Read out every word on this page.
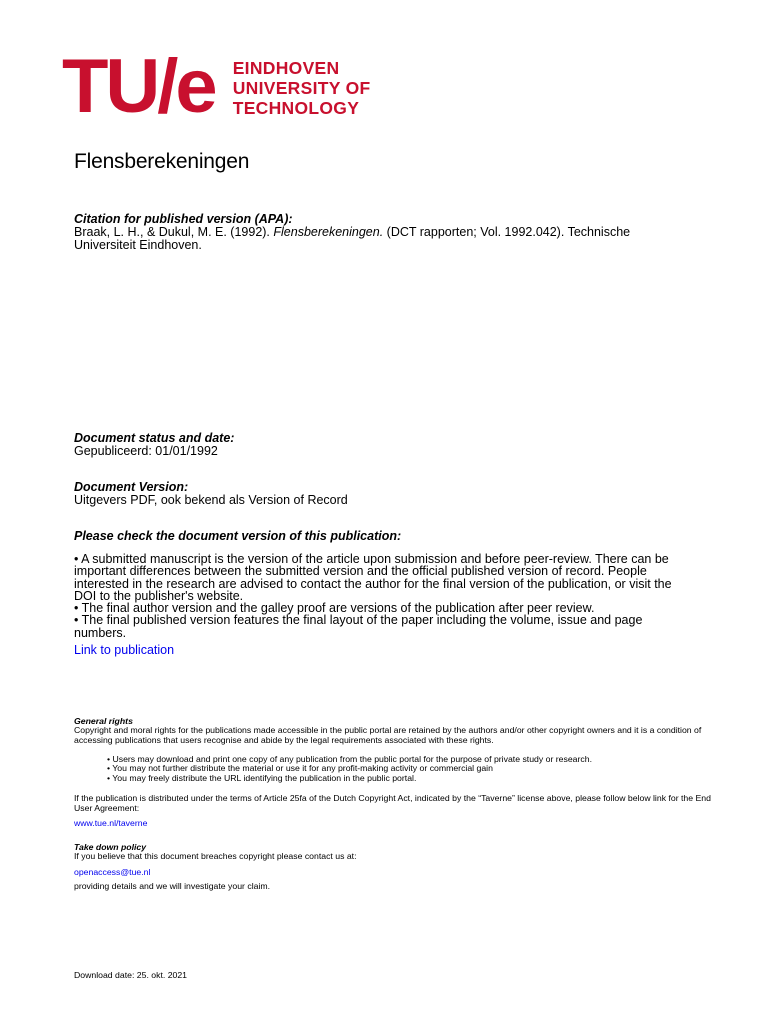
TU/e EINDHOVEN
UNIVERSITY OF
TECHNOLOGY
Flensberekeningen
Citation for published version (APA):
Braak, L. H., & Dukul, M. E. (1992). Flensberekeningen. (DCT rapporten; Vol. 1992.042). Technische Universiteit Eindhoven.
Document status and date:
Gepubliceerd: 01/01/1992
Document Version:
Uitgevers PDF, ook bekend als Version of Record
Please check the document version of this publication:

• A submitted manuscript is the version of the article upon submission and before peer-review. There can be important differences between the submitted version and the official published version of record. People interested in the research are advised to contact the author for the final version of the publication, or visit the DOI to the publisher's website.

• The final author version and the galley proof are versions of the publication after peer review.

• The final published version features the final layout of the paper including the volume, issue and page numbers.

Link to publication
General rights
Copyright and moral rights for the publications made accessible in the public portal are retained by the authors and/or other copyright owners and it is a condition of accessing publications that users recognise and abide by the legal requirements associated with these rights.
• Users may download and print one copy of any publication from the public portal for the purpose of private study or research.
• You may not further distribute the material or use it for any profit-making activity or commercial gain
• You may freely distribute the URL identifying the publication in the public portal.
If the publication is distributed under the terms of Article 25fa of the Dutch Copyright Act, indicated by the “Taverne” license above, please follow below link for the End User Agreement:
www.tue.nl/taverne
Take down policy
If you believe that this document breaches copyright please contact us at:
openaccess@tue.nl
providing details and we will investigate your claim.
Download date: 25. okt. 2021
